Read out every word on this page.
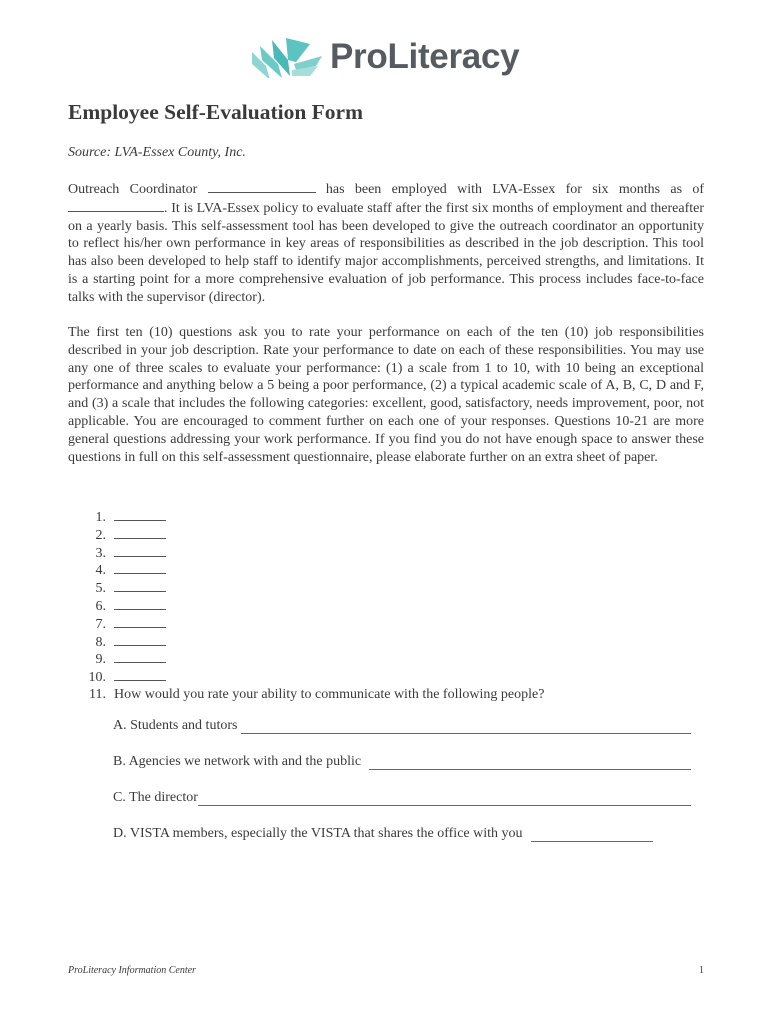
ProLiteracy
Employee Self-Evaluation Form
Source: LVA-Essex County, Inc.

Outreach Coordinator	has been employed with LVA-Essex for six months as of . It is LVA-Essex policy to evaluate staff after the first six months of employment and thereafter on a yearly basis. This self-assessment tool has been developed to give the outreach coordinator an opportunity to reflect his/her own performance in key areas of responsibilities as described in the job description. This tool has also been developed to help staff to identify major accomplishments, perceived strengths, and limitations. It is a starting point for a more comprehensive evaluation of job performance. This process includes face-to-face talks with the supervisor (director).

The first ten (10) questions ask you to rate your performance on each of the ten (10) job responsibilities described in your job description. Rate your performance to date on each of these responsibilities. You may use any one of three scales to evaluate your performance: (1) a scale from 1 to 10, with 10 being an exceptional performance and anything below a 5 being a poor performance, (2) a typical academic scale of A, B, C, D and F, and (3) a scale that includes the following categories: excellent, good, satisfactory, needs improvement, poor, not applicable. You are encouraged to comment further on each one of your responses. Questions 10-21 are more general questions addressing your work performance. If you find you do not have enough space to answer these questions in full on this self-assessment questionnaire, please elaborate further on an extra sheet of paper.

1.
2.
3.
4.
5.
6.
7.
8.
9.
10.
11. How would you rate your ability to communicate with the following people?
A. Students and tutors
B. Agencies we network with and the public
C. The director
D. VISTA members, especially the VISTA that shares the office with you
ProLiteracy Information Center	1
